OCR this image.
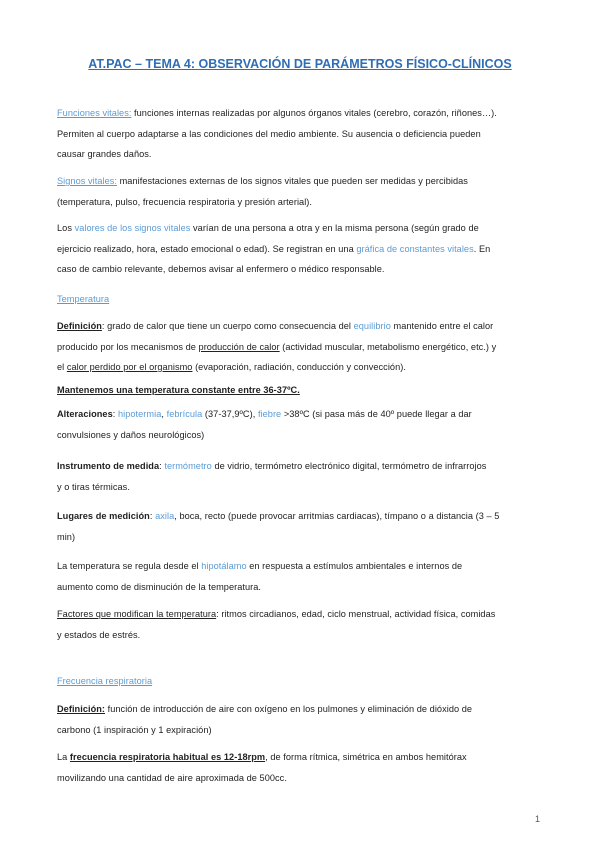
AT.PAC – TEMA 4: OBSERVACIÓN DE PARÁMETROS FÍSICO-CLÍNICOS
Funciones vitales: funciones internas realizadas por algunos órganos vitales (cerebro, corazón, riñones…).
Permiten al cuerpo adaptarse a las condiciones del medio ambiente. Su ausencia o deficiencia pueden
causar grandes daños.
Signos vitales: manifestaciones externas de los signos vitales que pueden ser medidas y percibidas
(temperatura, pulso, frecuencia respiratoria y presión arterial).
Los valores de los signos vitales varían de una persona a otra y en la misma persona (según grado de
ejercicio realizado, hora, estado emocional o edad). Se registran en una gráfica de constantes vitales. En
caso de cambio relevante, debemos avisar al enfermero o médico responsable.
Temperatura
Definición: grado de calor que tiene un cuerpo como consecuencia del equilibrio mantenido entre el calor
producido por los mecanismos de producción de calor (actividad muscular, metabolismo energético, etc.) y
el calor perdido por el organismo (evaporación, radiación, conducción y convección).
Mantenemos una temperatura constante entre 36-37ºC.
Alteraciones: hipotermia, febrícula (37-37,9ºC), fiebre >38ºC (si pasa más de 40º puede llegar a dar
convulsiones y daños neurológicos)
Instrumento de medida: termómetro de vidrio, termómetro electrónico digital, termómetro de infrarrojos
y o tiras térmicas.
Lugares de medición: axila, boca, recto (puede provocar arritmias cardiacas), tímpano o a distancia (3 – 5
min)
La temperatura se regula desde el hipotálamo en respuesta a estímulos ambientales e internos de
aumento como de disminución de la temperatura.
Factores que modifican la temperatura: ritmos circadianos, edad, ciclo menstrual, actividad física, comidas
y estados de estrés.
Frecuencia respiratoria
Definición: función de introducción de aire con oxígeno en los pulmones y eliminación de dióxido de
carbono (1 inspiración y 1 expiración)
La frecuencia respiratoria habitual es 12-18rpm, de forma rítmica, simétrica en ambos hemitórax
movilizando una cantidad de aire aproximada de 500cc.
1
